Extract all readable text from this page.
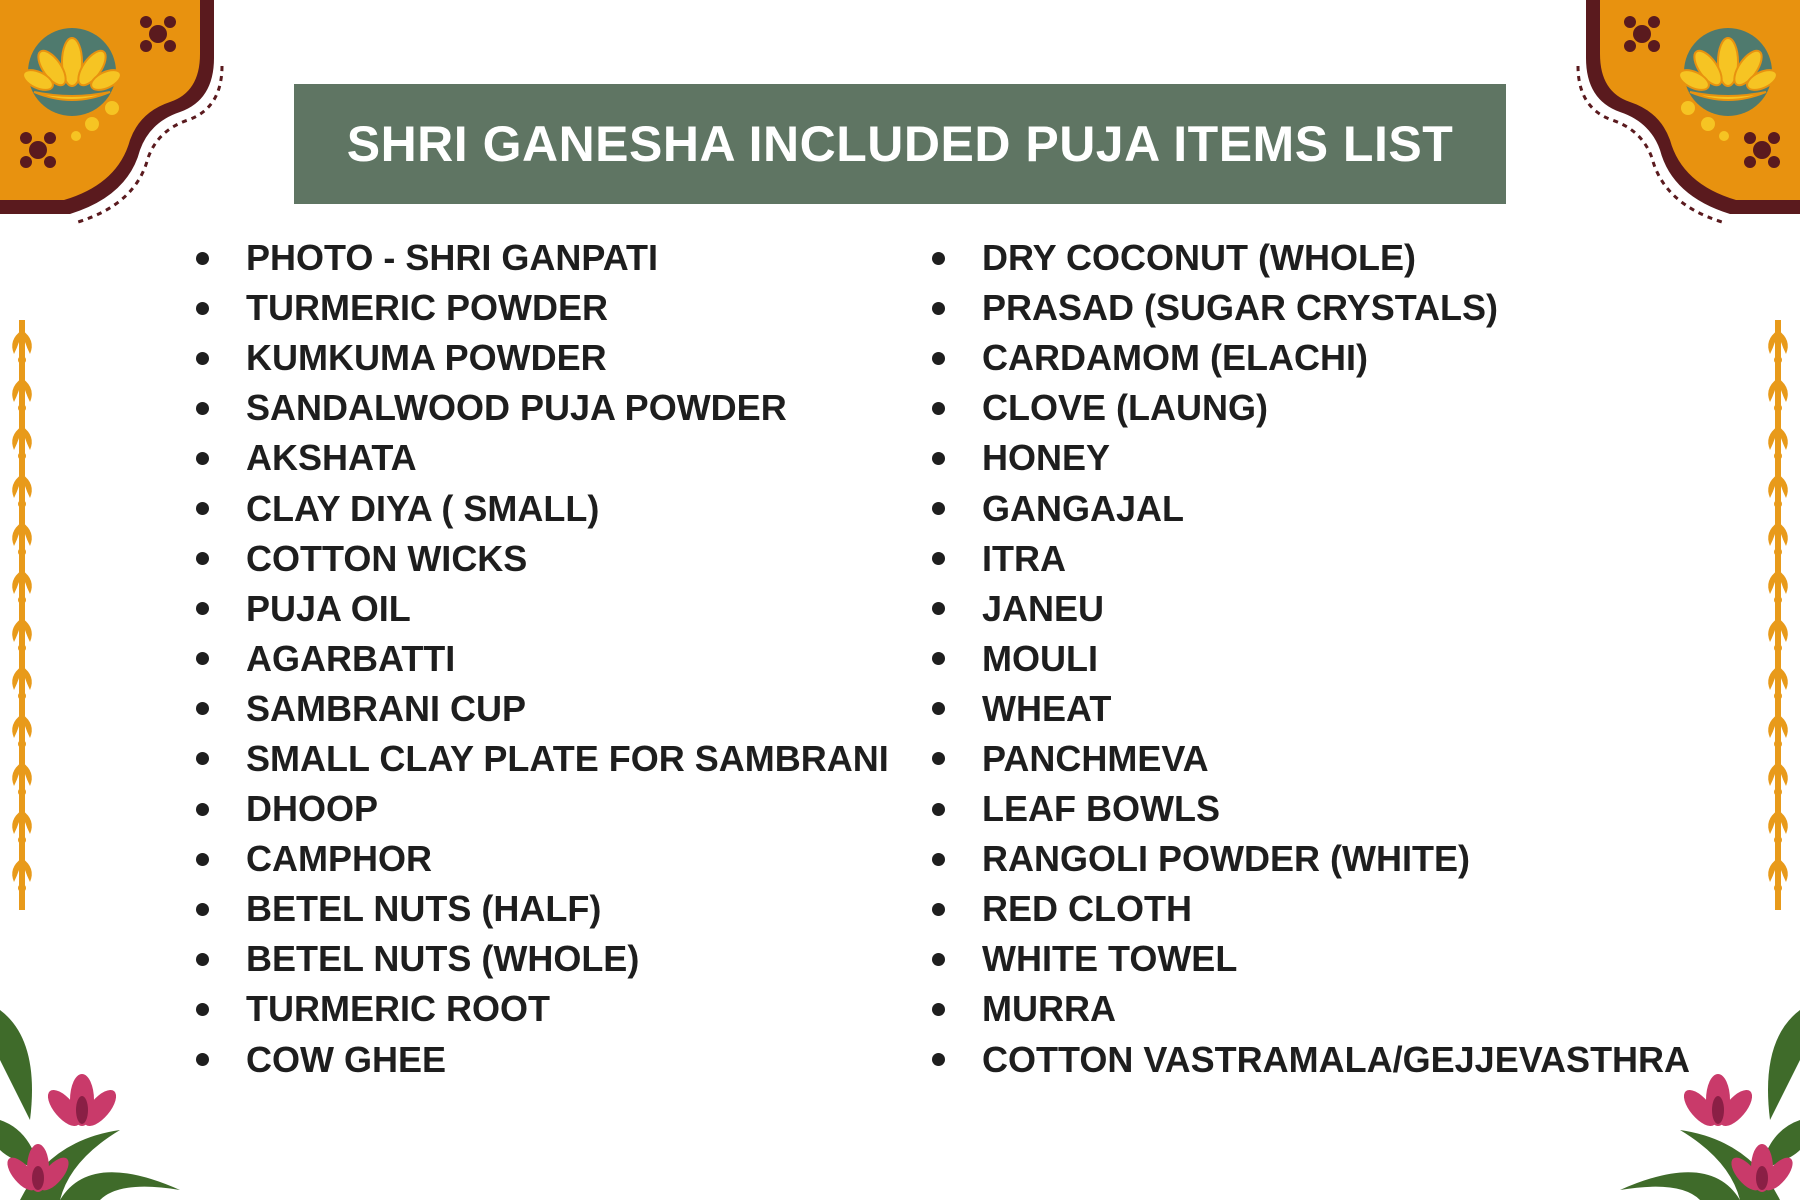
SHRI GANESHA INCLUDED PUJA ITEMS LIST
PHOTO - SHRI GANPATI
TURMERIC POWDER
KUMKUMA POWDER
SANDALWOOD PUJA POWDER
AKSHATA
CLAY DIYA ( SMALL)
COTTON WICKS
PUJA OIL
AGARBATTI
SAMBRANI CUP
SMALL CLAY PLATE FOR SAMBRANI
DHOOP
CAMPHOR
BETEL NUTS (HALF)
BETEL NUTS (WHOLE)
TURMERIC ROOT
COW GHEE
DRY COCONUT (WHOLE)
PRASAD (SUGAR CRYSTALS)
CARDAMOM (ELACHI)
CLOVE (LAUNG)
HONEY
GANGAJAL
ITRA
JANEU
MOULI
WHEAT
PANCHMEVA
LEAF BOWLS
RANGOLI POWDER (WHITE)
RED CLOTH
WHITE TOWEL
MURRA
COTTON VASTRAMALA/GEJJEVASTHRA
